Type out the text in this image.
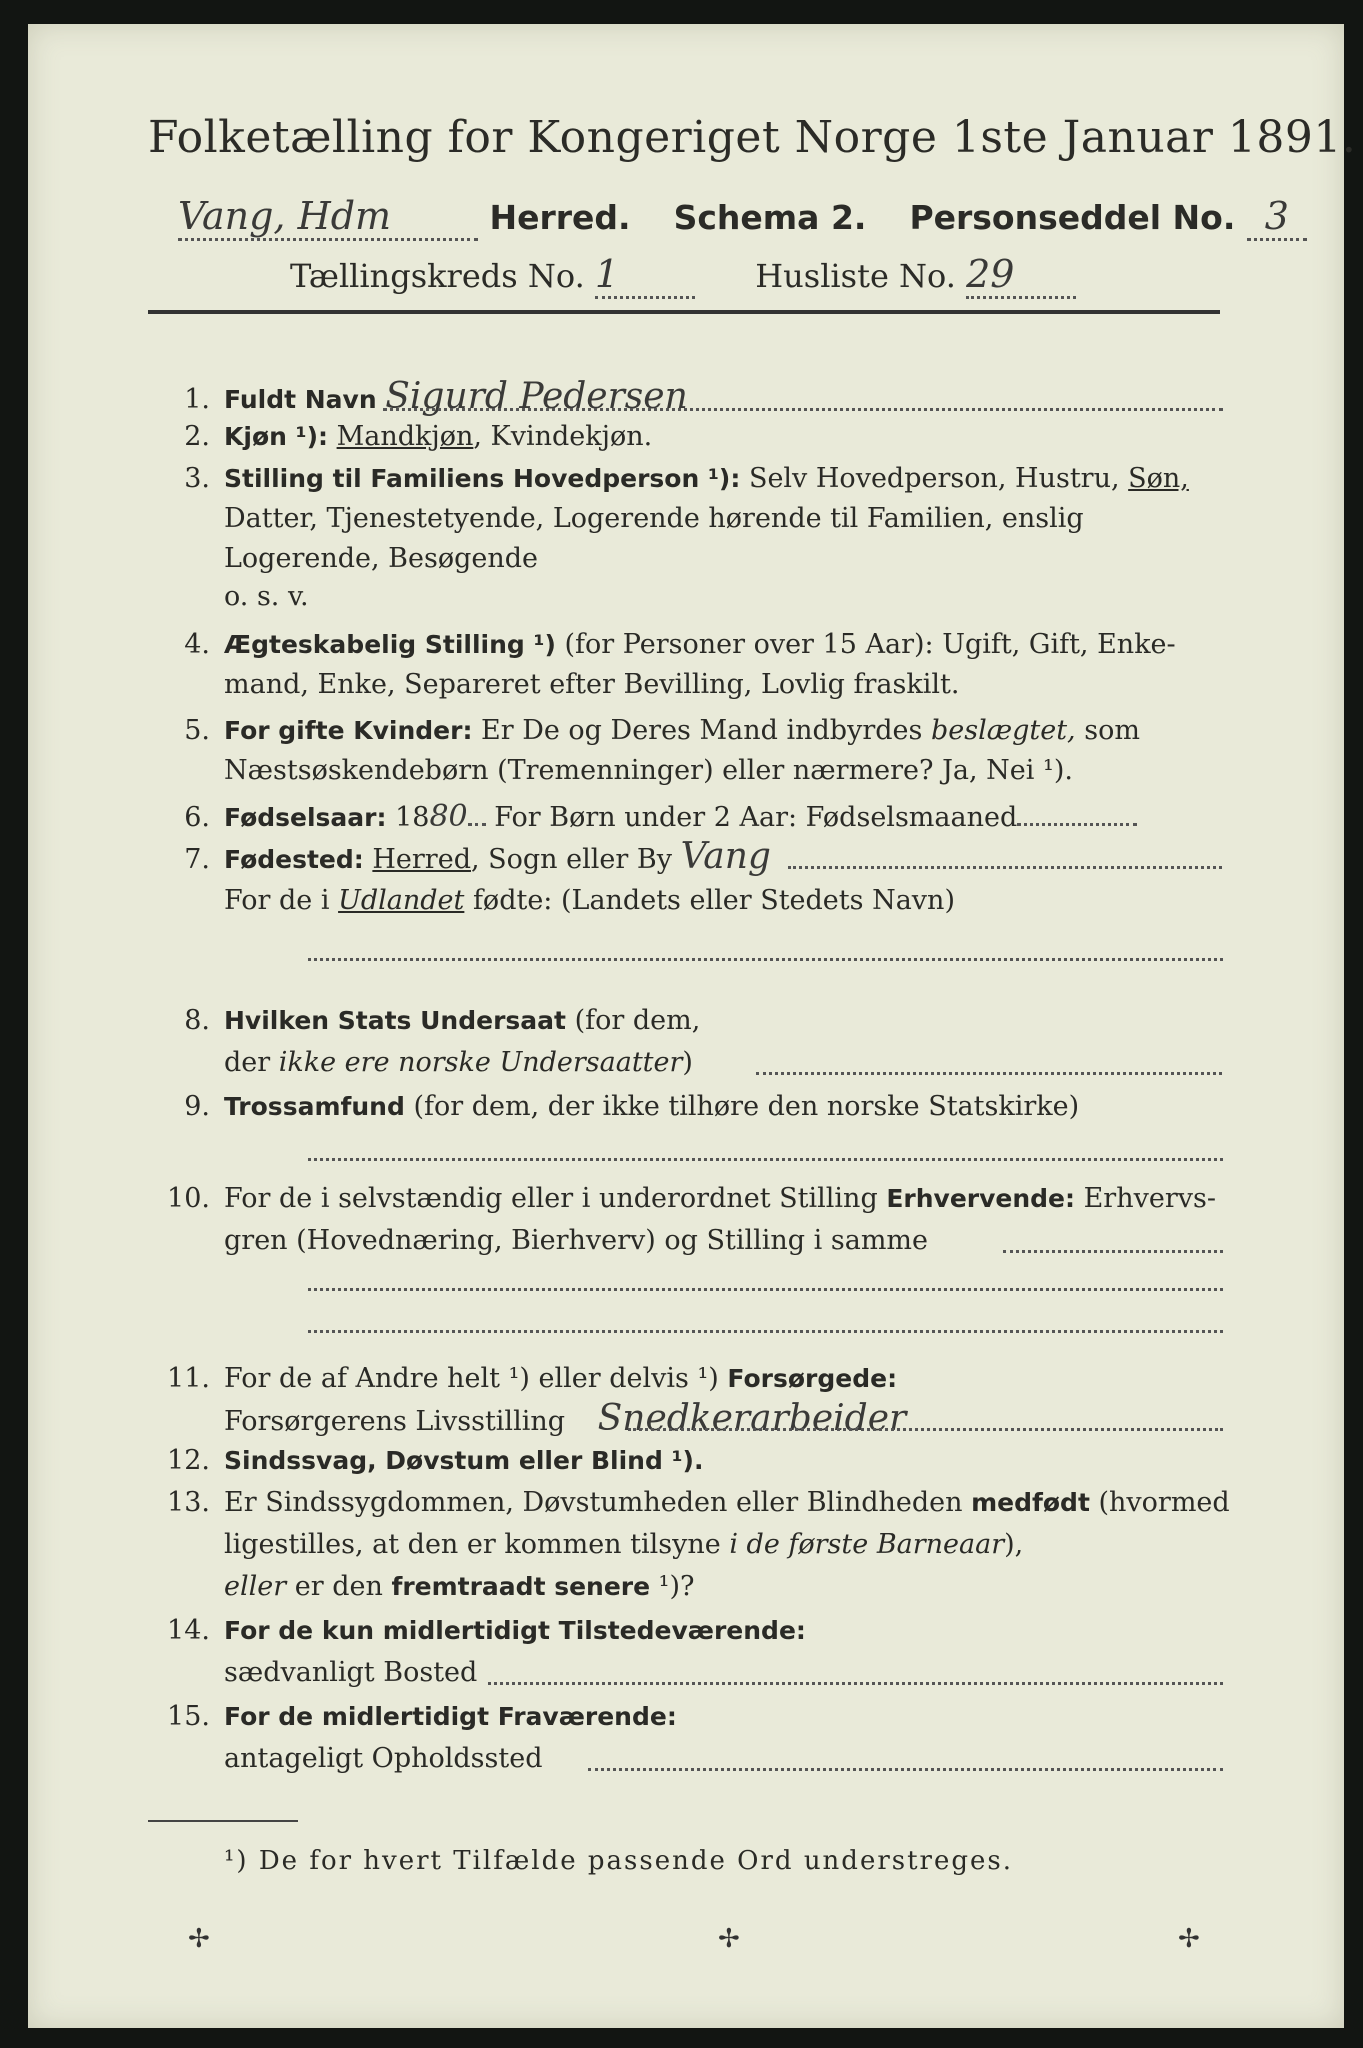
Folketælling for Kongeriget Norge 1ste Januar 1891.
Vang, Hdm	Herred. Schema 2. Personseddel No. 3
Tællingskreds No. 1	Husliste No. 29
1. Fuldt Navn Sigurd Pedersen
2. Kjøn ¹): Mandkjøn, Kvindekjøn.
3. Stilling til Familiens Hovedperson ¹): Selv Hovedperson, Hustru, Søn,
Datter, Tjenestetyende, Logerende hørende til Familien, enslig
Logerende, Besøgende
o. s. v.
4. Ægteskabelig Stilling ¹) (for Personer over 15 Aar): Ugift, Gift, Enke-
mand, Enke, Separeret efter Bevilling, Lovlig fraskilt.
5. For gifte Kvinder: Er De og Deres Mand indbyrdes beslægtet, som
Næstsøskendebørn (Tremenninger) eller nærmere? Ja, Nei ¹).
6. Fødselsaar: 1880 For Børn under 2 Aar: Fødselsmaaned
7. Fødested: Herred, Sogn eller By Vang
For de i Udlandet fødte: (Landets eller Stedets Navn)
8. Hvilken Stats Undersaat (for dem,
der ikke ere norske Undersaatter)
9. Trossamfund (for dem, der ikke tilhøre den norske Statskirke)
10. For de i selvstændig eller i underordnet Stilling Erhvervende: Erhvervs-
gren (Hovednæring, Bierhverv) og Stilling i samme
11. For de af Andre helt ¹) eller delvis ¹) Forsørgede:
Forsørgerens Livsstilling Snedkerarbeider
12. Sindssvag, Døvstum eller Blind ¹).
13. Er Sindssygdommen, Døvstumheden eller Blindheden medfødt (hvormed
ligestilles, at den er kommen tilsyne i de første Barneaar),
eller er den fremtraadt senere ¹)?
14. For de kun midlertidigt Tilstedeværende:
sædvanligt Bosted
15. For de midlertidigt Fraværende:
antageligt Opholdssted
¹) De for hvert Tilfælde passende Ord understreges.
✢	✢	✢
